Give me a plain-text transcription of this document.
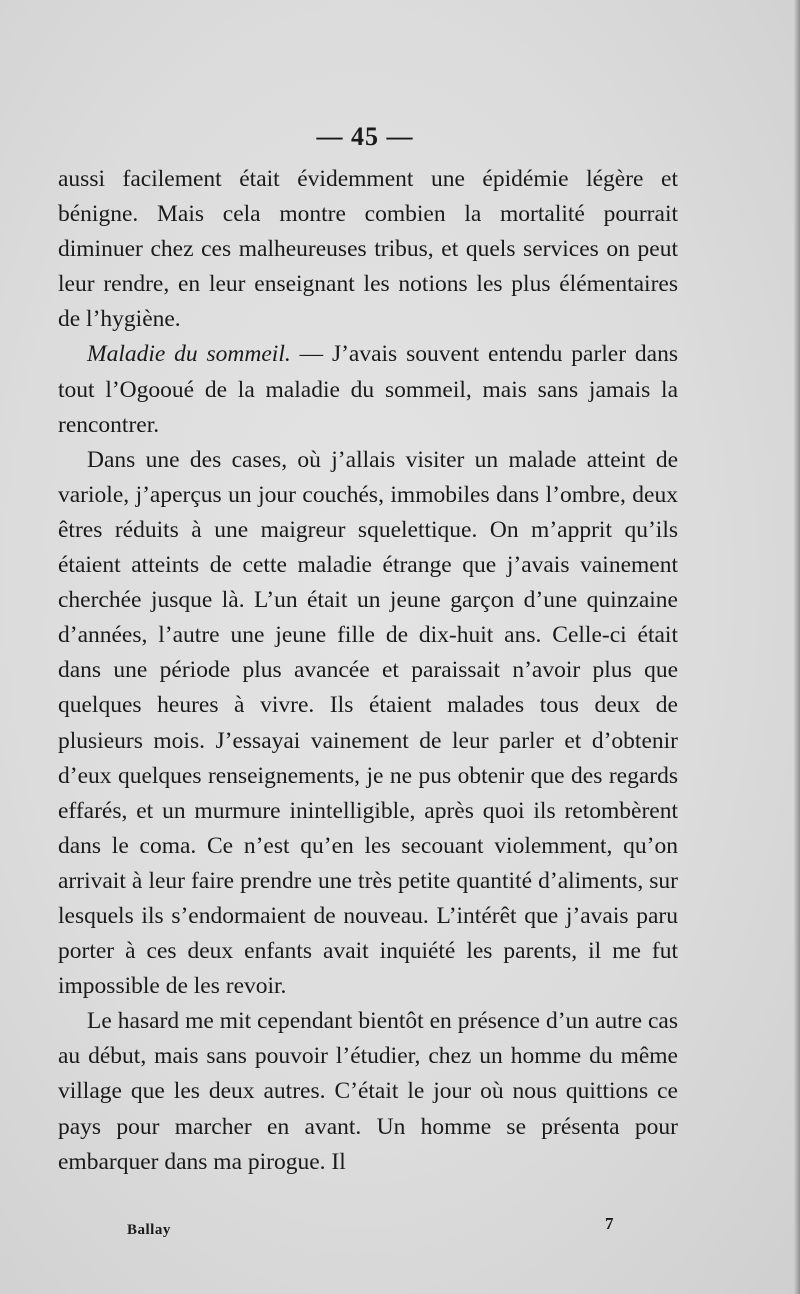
— 45 —

aussi facilement était évidemment une épidémie légère et bénigne. Mais cela montre combien la mortalité pourrait diminuer chez ces malheureuses tribus, et quels services on peut leur rendre, en leur enseignant les notions les plus élémentaires de l’hygiène.

Maladie du sommeil. — J’avais souvent entendu parler dans tout l’Ogooué de la maladie du sommeil, mais sans jamais la rencontrer.

Dans une des cases, où j’allais visiter un malade atteint de variole, j’aperçus un jour couchés, immobiles dans l’ombre, deux êtres réduits à une maigreur squelettique. On m’apprit qu’ils étaient atteints de cette maladie étrange que j’avais vainement cherchée jusque là. L’un était un jeune garçon d’une quinzaine d’années, l’autre une jeune fille de dix-huit ans. Celle-ci était dans une période plus avancée et paraissait n’avoir plus que quelques heures à vivre. Ils étaient malades tous deux de plusieurs mois. J’essayai vainement de leur parler et d’obtenir d’eux quelques renseignements, je ne pus obtenir que des regards effarés, et un murmure inintelligible, après quoi ils retombèrent dans le coma. Ce n’est qu’en les secouant violemment, qu’on arrivait à leur faire prendre une très petite quantité d’aliments, sur lesquels ils s’endormaient de nouveau. L’intérêt que j’avais paru porter à ces deux enfants avait inquiété les parents, il me fut impossible de les revoir.

Le hasard me mit cependant bientôt en présence d’un autre cas au début, mais sans pouvoir l’étudier, chez un homme du même village que les deux autres. C’était le jour où nous quittions ce pays pour marcher en avant. Un homme se présenta pour embarquer dans ma pirogue. Il

Ballay	7
